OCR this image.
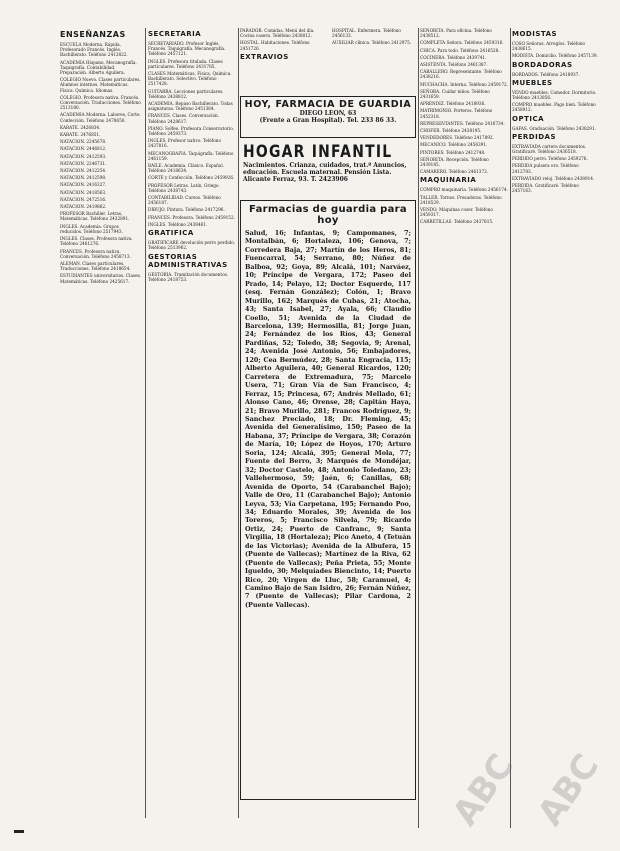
ENSEÑANZAS
ESCUELA Moderna. Rápida, Profesorado Francés, Inglés. Bachillerato. Teléfono 2413822.
ACADEMIA Hispano. Mecanografía, Taquigrafía. Contabilidad. Preparación. Alberto Aguilera.
COLEGIO Nuevo. Clases particulares. Alumnos internos. Matemáticas. Física. Química. Idiomas.
COLEGIO. Profesora nativa. Francés. Conversación. Traducciones. Teléfono 2513180.
ACADEMIA Moderna. Labores, Corte. Confección. Teléfono 2478650.
KARATE. 2426834.
KARATE. 2476851.
NATACION. 2245678.
NATACION. 2446812.
NATACION. 2412593.
NATACION. 2246731.
NATACION. 2412254.
NATACION. 2412598.
NATACION. 2416327.
NATACION. 2418563.
NATACION. 2472516.
NATACION. 2419862.
PROFESOR Bachiller. Letras, Matemáticas. Teléfono 2432891.
INGLES. Academia. Grupos reducidos. Teléfono 2517943.
INGLES. Clases. Profesora nativa. Teléfono 2461276.
FRANCES. Profesora nativa. Conversación. Teléfono 2458713.
ALEMAN. Clases particulares. Traducciones. Teléfono 2418654.
ESTUDIANTES universitarios. Clases. Matemáticas. Teléfono 2425617.
SECRETARIA
SECRETARIADO. Profesor Inglés, Francés. Taquigrafía. Mecanografía. Teléfono 2457121.
INGLES. Profesora titulada. Clases particulares. Teléfono 2431785.
CLASES Matemáticas, Física, Química. Bachillerato. Selectivo. Teléfono 2517428.
GUITARRA. Lecciones particulares. Teléfono 2438812.
ACADEMIA. Repaso Bachillerato. Todas asignaturas. Teléfono 2451364.
FRANCES. Clases. Conversación. Teléfono 2428617.
PIANO. Solfeo. Profesora Conservatorio. Teléfono 2459373.
INGLES. Profesor nativo. Teléfono 2437816.
MECANOGRAFIA. Taquigrafía. Teléfono 2461159.
BAILE. Academia. Clásico. Español. Teléfono 2418634.
CORTE y Confección. Teléfono 2459926.
PROFESOR Letras. Latín, Griego. Teléfono 2438743.
CONTABILIDAD. Cursos. Teléfono 2456187.
DIBUJO. Pintura. Teléfono 2417296.
FRANCES. Profesora. Teléfono 2459152.
INGLES. Teléfono 2438461.
GRATIFICA
GRATIFICARE devolución perro perdido. Teléfono 2513962.
GESTORIAS ADMINISTRATIVAS
GESTORIA. Tramitación documentos. Teléfono 2418753.
PARADOR. Comidas. Menú del día. Cocina casera. Teléfono 2438012.
HOSTAL. Habitaciones. Teléfono 2451726.
EXTRAVIOS
HOSPITAL. Enfermera. Teléfono 2456133.
AUXILIAR clínica. Teléfono 2412975.
HOY, FARMACIA DE GUARDIA
DIEGO LEON, 63
(Frente a Gran Hospital). Tel. 233 86 33.
HOGAR INFANTIL
Nacimientos. Crianza, cuidados, trat.º Anuncios, educación. Escuela maternal. Pensión Lista. Alicante Ferraz, 93. T. 2423906
Farmacias de guardia para hoy
Salud, 16; Infantas, 9; Campomanes, 7; Montalbán, 6; Hortaleza, 106; Genova, 7; Corredera Baja, 27; Martín de los Heros, 81; Fuencarral, 54; Serrano, 80; Núñez de Balboa, 92; Goya, 89; Alcalá, 101; Narváez, 10; Príncipe de Vergara, 172; Paseo del Prado, 14; Pelayo, 12; Doctor Esquerdo, 117 (esq. Fernán González); Colón, 1; Bravo Murillo, 162; Marqués de Cubas, 21; Atocha, 43; Santa Isabel, 27; Ayala, 66; Claudio Coello, 51; Avenida de la Ciudad de Barcelona, 139; Hermosilla, 81; Jorge Juan, 24; Fernández de los Ríos, 43; General Pardiñas, 52; Toledo, 38; Segovia, 9; Arenal, 24; Avenida José Antonio, 56; Embajadores, 120; Cea Bermúdez, 28; Santa Engracia, 115; Alberto Aguilera, 40; General Ricardos, 120; Carretera de Extremadura, 75; Marcelo Usera, 71; Gran Vía de San Francisco, 4; Ferraz, 15; Princesa, 67; Andrés Mellado, 61; Alonso Cano, 46; Orense, 28; Capitán Haya, 21; Bravo Murillo, 281; Francos Rodríguez, 9; Sanchez Preciado, 18; Dr. Fleming, 45; Avenida del Generalísimo, 150; Paseo de la Habana, 37; Príncipe de Vergara, 38; Corazón de María, 10; López de Hoyos, 170; Arturo Soria, 124; Alcalá, 395; General Mola, 77; Fuente del Berro, 3; Marqués de Mondéjar, 32; Doctor Castelo, 48; Antonio Toledano, 23; Vallehermoso, 59; Jaén, 6; Canillas, 68; Avenida de Oporto, 54 (Carabanchel Bajo); Valle de Oro, 11 (Carabanchel Bajo); Antonio Leyva, 53; Vía Carpetana, 195; Fernando Poo, 34; Eduardo Morales, 39; Avenida de los Toreros, 5; Francisco Silvela, 79; Ricardo Ortiz, 24; Puerto de Canfranc, 9; Santa Virgilia, 18 (Hortaleza); Pico Aneto, 4 (Tetuán de las Victorias); Avenida de la Albufera, 15 (Puente de Vallecas); Martínez de la Riva, 62 (Puente de Vallecas); Peña Prieta, 55; Monte Igueldo, 30; Melquíades Biencinto, 14; Puerto Rico, 20; Virgen de Lluc, 58; Caramuel, 4; Camino Bajo de San Isidro, 26; Fernán Núñez, 7 (Puente de Vallecas); Pilar Cardona, 2 (Puente Vallecas).
SEÑORITA. Para oficina. Teléfono 2438512.
COMPLETA Señora. Teléfono 2459316.
CHICA. Para todo. Teléfono 2416528.
COCINERA. Teléfono 2439741.
ASISTENTA. Teléfono 2461387.
CABALLERO. Representante. Teléfono 2438216.
MUCHACHA. Interna. Teléfono 2459172.
SEÑORA. Cuidar niños. Teléfono 2431659.
APRENDIZ. Teléfono 2418936.
MATRIMONIO. Porteros. Teléfono 2452318.
REPRESENTANTES. Teléfono 2416734.
CHOFER. Teléfono 2438195.
VENDEDORES. Teléfono 2417892.
MECANICO. Teléfono 2456391.
PINTORES. Teléfono 2412748.
SEÑORITA. Recepción. Teléfono 2439185.
CAMARERO. Teléfono 2461372.
MAQUINARIA
COMPRO maquinaria. Teléfono 2456174.
TALLER. Tornos. Fresadoras. Teléfono 2418529.
VENDO. Máquinas coser. Teléfono 2459317.
CARRETILLAS. Teléfono 2437815.
MODISTAS
COSO Señoras. Arreglos. Teléfono 2438615.
MODISTA. Domicilio. Teléfono 2457139.
BORDADORAS
BORDADOS. Teléfono 2418937.
MUEBLES
VENDO muebles. Comedor. Dormitorio. Teléfono 2413856.
COMPRO muebles. Pago bien. Teléfono 2458912.
OPTICA
GAFAS. Graduación. Teléfono 2438291.
PERDIDAS
EXTRAVIADA cartera documentos. Gratificaré. Teléfono 2436518.
PERDIDO perro. Teléfono 2459276.
PERDIDA pulsera oro. Teléfono 2412783.
EXTRAVIADO reloj. Teléfono 2438914.
PERDIDA. Gratificaré. Teléfono 2457163.
ABC ABC
